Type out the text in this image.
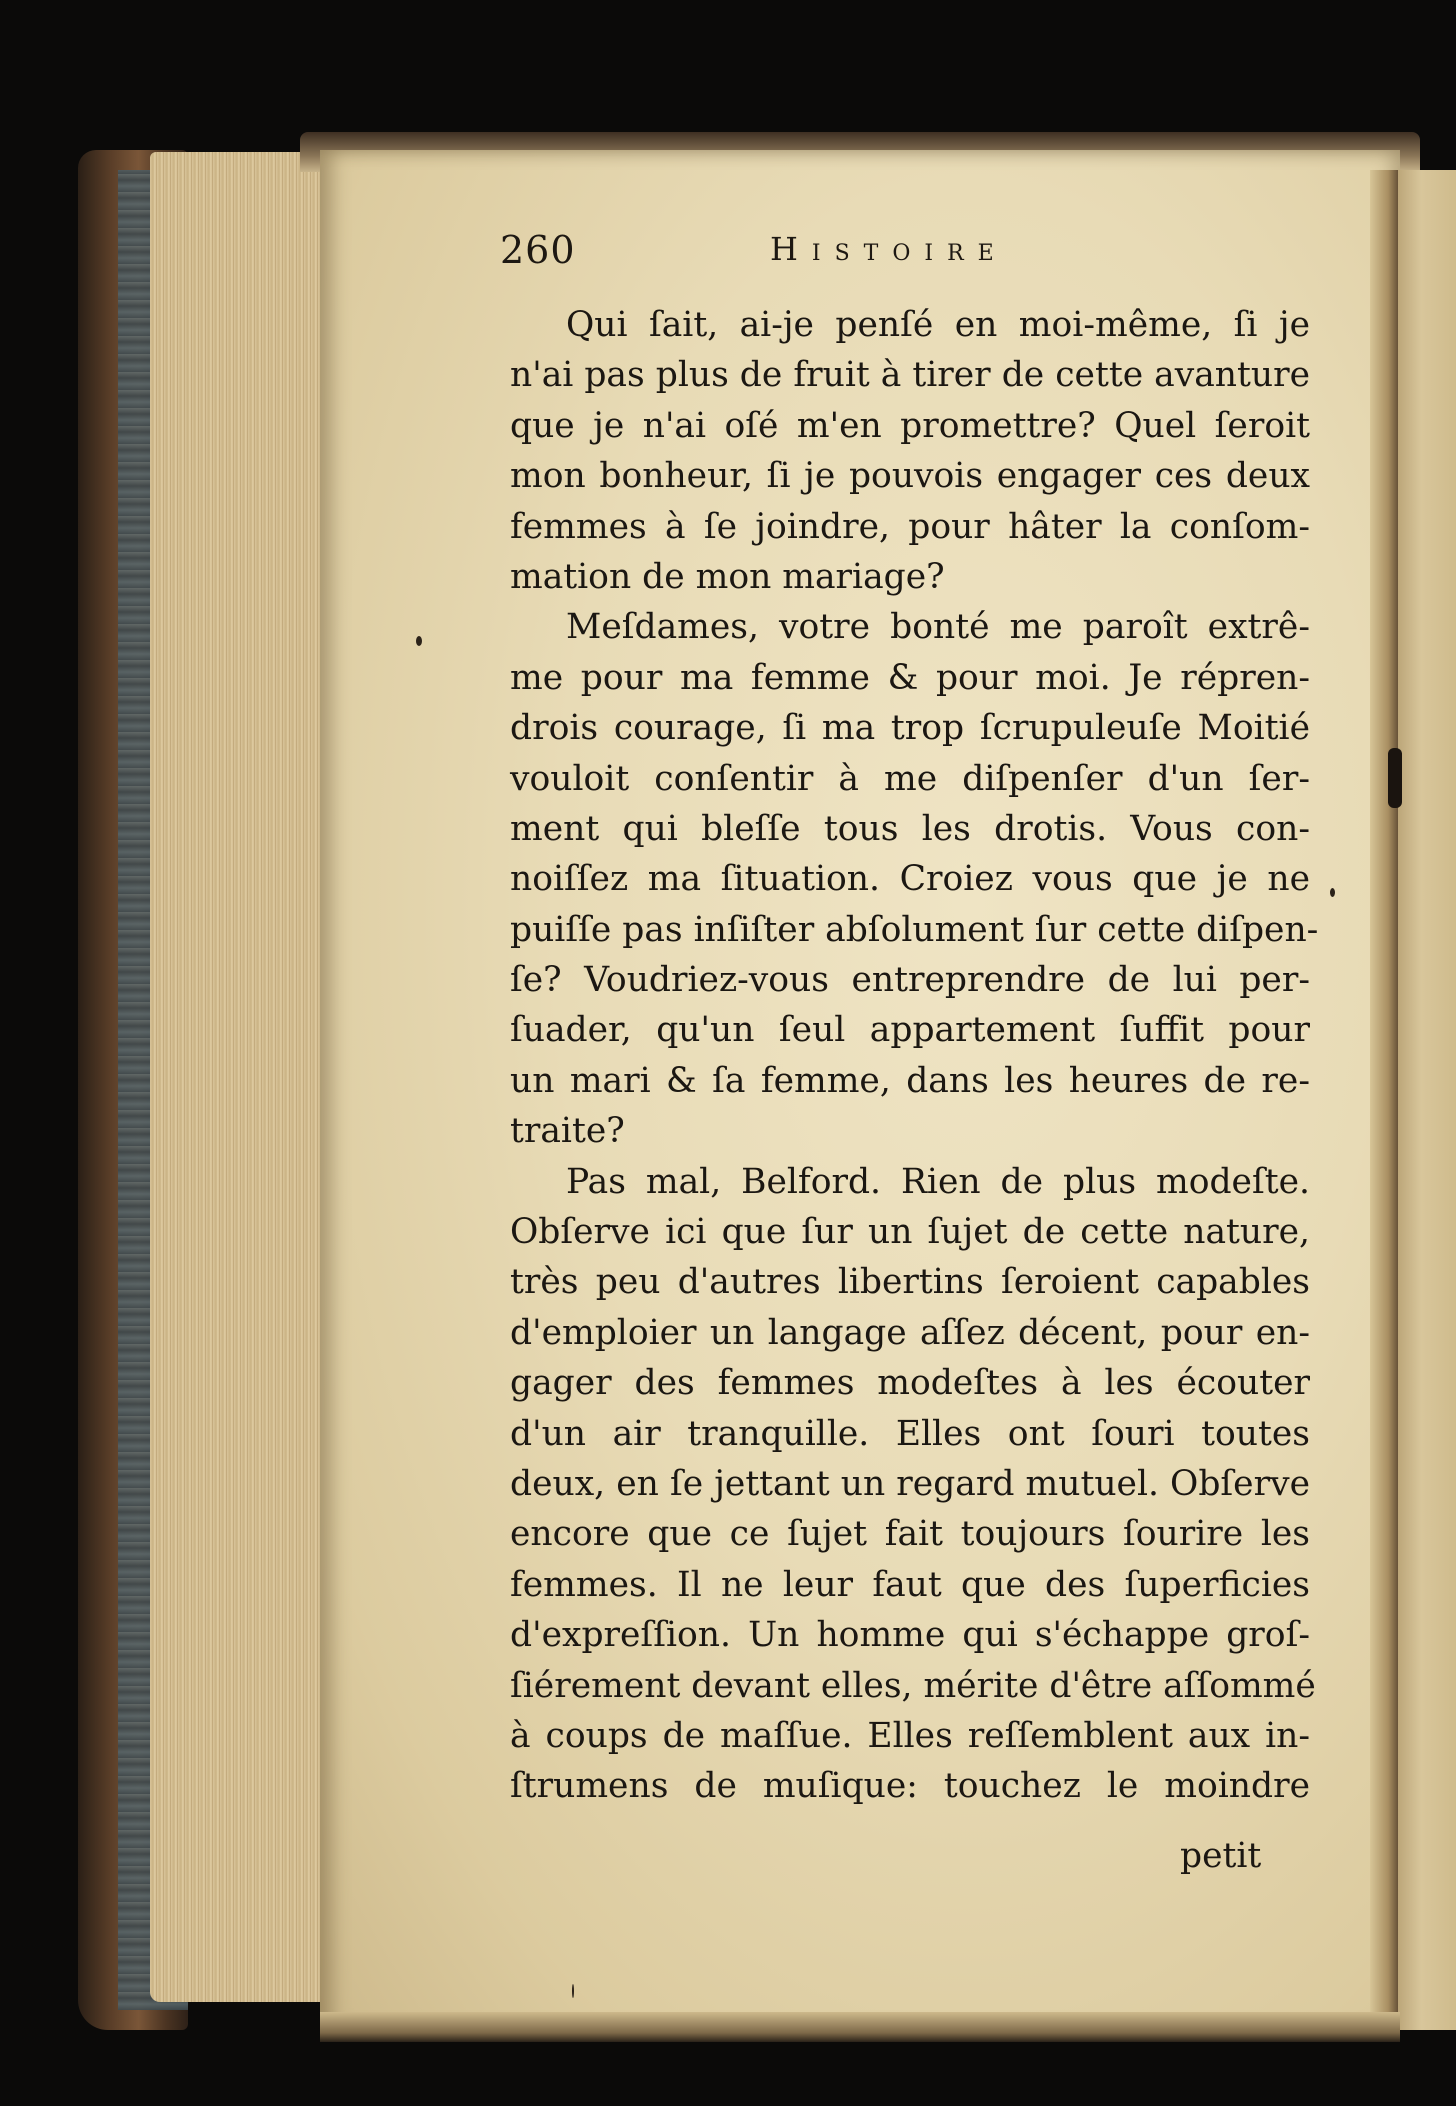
260	Histoire
Qui ſait, ai-je penſé en moi-même, ſi je
n'ai pas plus de fruit à tirer de cette avanture
que je n'ai oſé m'en promettre? Quel ſeroit
mon bonheur, ſi je pouvois engager ces deux
femmes à ſe joindre, pour hâter la conſom-
mation de mon mariage?
Meſdames, votre bonté me paroît extrê-
me pour ma femme & pour moi. Je répren-
drois courage, ſi ma trop ſcrupuleuſe Moitié
vouloit conſentir à me diſpenſer d'un ſer-
ment qui bleſſe tous les drotis. Vous con-
noiſſez ma ſituation. Croiez vous que je ne
puiſſe pas inſiſter abſolument ſur cette diſpen-
ſe? Voudriez-vous entreprendre de lui per-
ſuader, qu'un ſeul appartement ſuffit pour
un mari & ſa femme, dans les heures de re-
traite?
Pas mal, Belford. Rien de plus modeſte.
Obſerve ici que ſur un ſujet de cette nature,
très peu d'autres libertins ſeroient capables
d'emploier un langage aſſez décent, pour en-
gager des femmes modeſtes à les écouter
d'un air tranquille. Elles ont ſouri toutes
deux, en ſe jettant un regard mutuel. Obſerve
encore que ce ſujet fait toujours ſourire les
femmes. Il ne leur faut que des ſuperficies
d'expreſſion. Un homme qui s'échappe groſ-
ſiérement devant elles, mérite d'être aſſommé
à coups de maſſue. Elles reſſemblent aux in-
ſtrumens de muſique: touchez le moindre
petit
